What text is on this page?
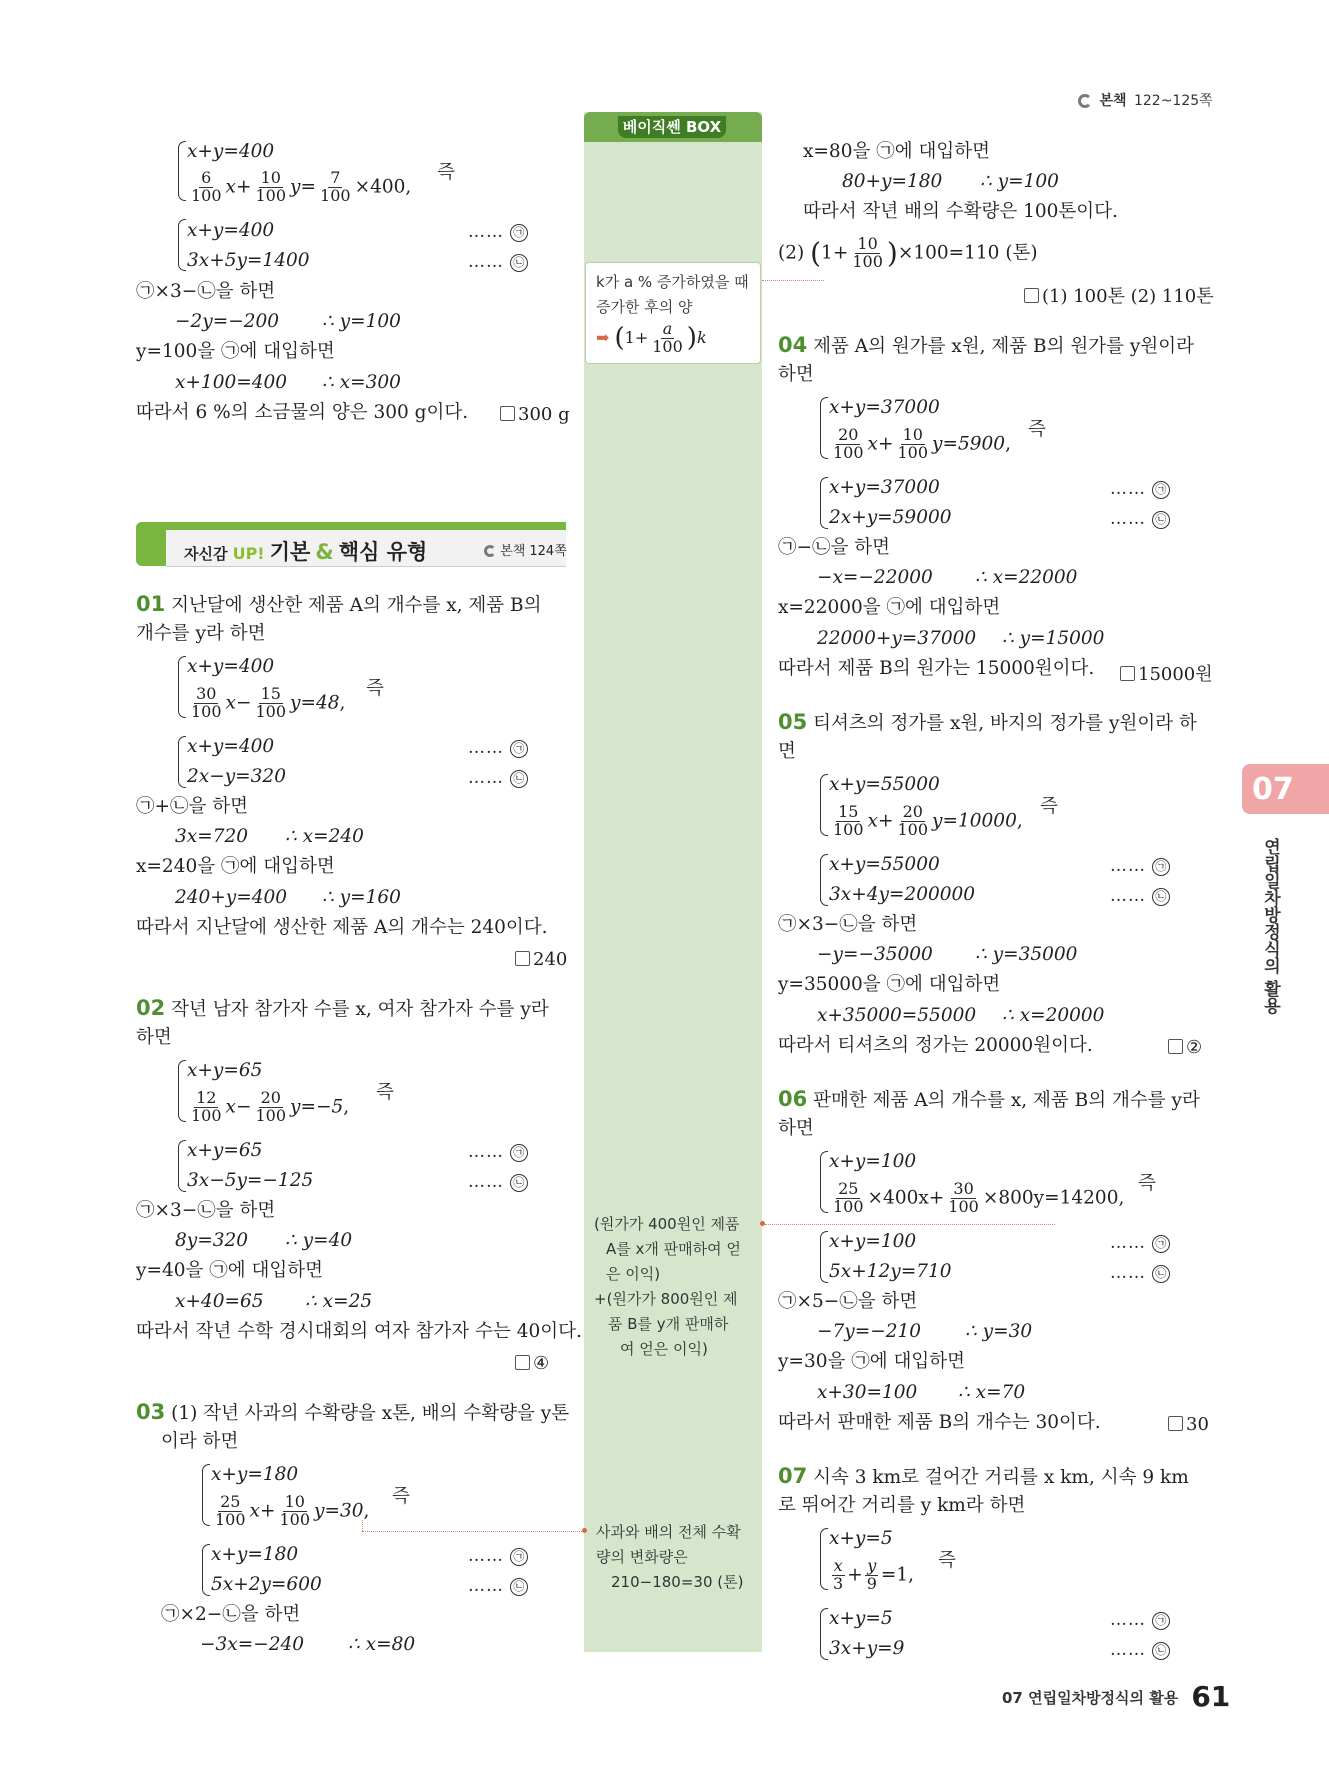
본책 122~125쪽
베이직쎈 BOX
k가 a % 증가하였을 때
증가한 후의 양
➡ $(1+ \frac{a}{100} )k$
(원가가 400원인 제품
A를 x개 판매하여 얻
은 이익)
+(원가가 800원인 제
품 B를 y개 판매하
여 얻은 이익)
사과와 배의 전체 수확
량의 변화량은
210−180=30 (톤)
x+y=400
$\frac{6}{100} x+ \frac{10}{100} y= \frac{7}{100} \times 400$,
즉
x+y=400
3x+5y=1400
…… ㉠
…… ㉡
㉠×3−㉡을 하면
−2y=−200 ∴ y=100
y=100을 ㉠에 대입하면
x+100=400 ∴ x=300
따라서 6 %의 소금물의 양은 300 g이다.	300 g
자신감 UP! 기본 & 핵심 유형	본책 124쪽
01 지난달에 생산한 제품 A의 개수를 x, 제품 B의
개수를 y라 하면
x+y=400
$\frac{30}{100} x- \frac{15}{100} y=48$,
즉
x+y=400
2x−y=320
…… ㉠
…… ㉡
㉠+㉡을 하면
3x=720 ∴ x=240
x=240을 ㉠에 대입하면
240+y=400 ∴ y=160
따라서 지난달에 생산한 제품 A의 개수는 240이다.
240
02 작년 남자 참가자 수를 x, 여자 참가자 수를 y라
하면
x+y=65
$\frac{12}{100} x- \frac{20}{100} y=-5$,
즉
x+y=65
3x−5y=−125
…… ㉠
…… ㉡
㉠×3−㉡을 하면
8y=320 ∴ y=40
y=40을 ㉠에 대입하면
x+40=65 ∴ x=25
따라서 작년 수학 경시대회의 여자 참가자 수는 40이다.
④
03 (1) 작년 사과의 수확량을 x톤, 배의 수확량을 y톤
이라 하면
x+y=180
$\frac{25}{100} x+ \frac{10}{100} y=30$,
즉
x+y=180
5x+2y=600
…… ㉠
…… ㉡
㉠×2−㉡을 하면
−3x=−240 ∴ x=80
x=80을 ㉠에 대입하면
80+y=180 ∴ y=100
따라서 작년 배의 수확량은 100톤이다.
(2) $(1+ \frac{10}{100} )\times 100=110$ (톤)
(1) 100톤 (2) 110톤
04 제품 A의 원가를 x원, 제품 B의 원가를 y원이라
하면
x+y=37000
$\frac{20}{100} x+ \frac{10}{100} y=5900$,
즉
x+y=37000
2x+y=59000
…… ㉠
…… ㉡
㉠−㉡을 하면
−x=−22000 ∴ x=22000
x=22000을 ㉠에 대입하면
22000+y=37000 ∴ y=15000
따라서 제품 B의 원가는 15000원이다.	15000원
05 티셔츠의 정가를 x원, 바지의 정가를 y원이라 하
면
x+y=55000
$\frac{15}{100} x+ \frac{20}{100} y=10000$,
즉
x+y=55000
3x+4y=200000
…… ㉠
…… ㉡
㉠×3−㉡을 하면
−y=−35000 ∴ y=35000
y=35000을 ㉠에 대입하면
x+35000=55000 ∴ x=20000
따라서 티셔츠의 정가는 20000원이다.	②
06 판매한 제품 A의 개수를 x, 제품 B의 개수를 y라
하면
x+y=100
$\frac{25}{100} \times 400x+ \frac{30}{100} \times 800y=14200$,
즉
x+y=100
5x+12y=710
…… ㉠
…… ㉡
㉠×5−㉡을 하면
−7y=−210 ∴ y=30
y=30을 ㉠에 대입하면
x+30=100 ∴ x=70
따라서 판매한 제품 B의 개수는 30이다.	30
07 시속 3 km로 걸어간 거리를 x km, 시속 9 km
로 뛰어간 거리를 y km라 하면
x+y=5
$\frac{x}{3} + \frac{y}{9} =1$,
즉
x+y=5
3x+y=9
…… ㉠
…… ㉡
07
연립일차방정식의 활용
07 연립일차방정식의 활용 61
